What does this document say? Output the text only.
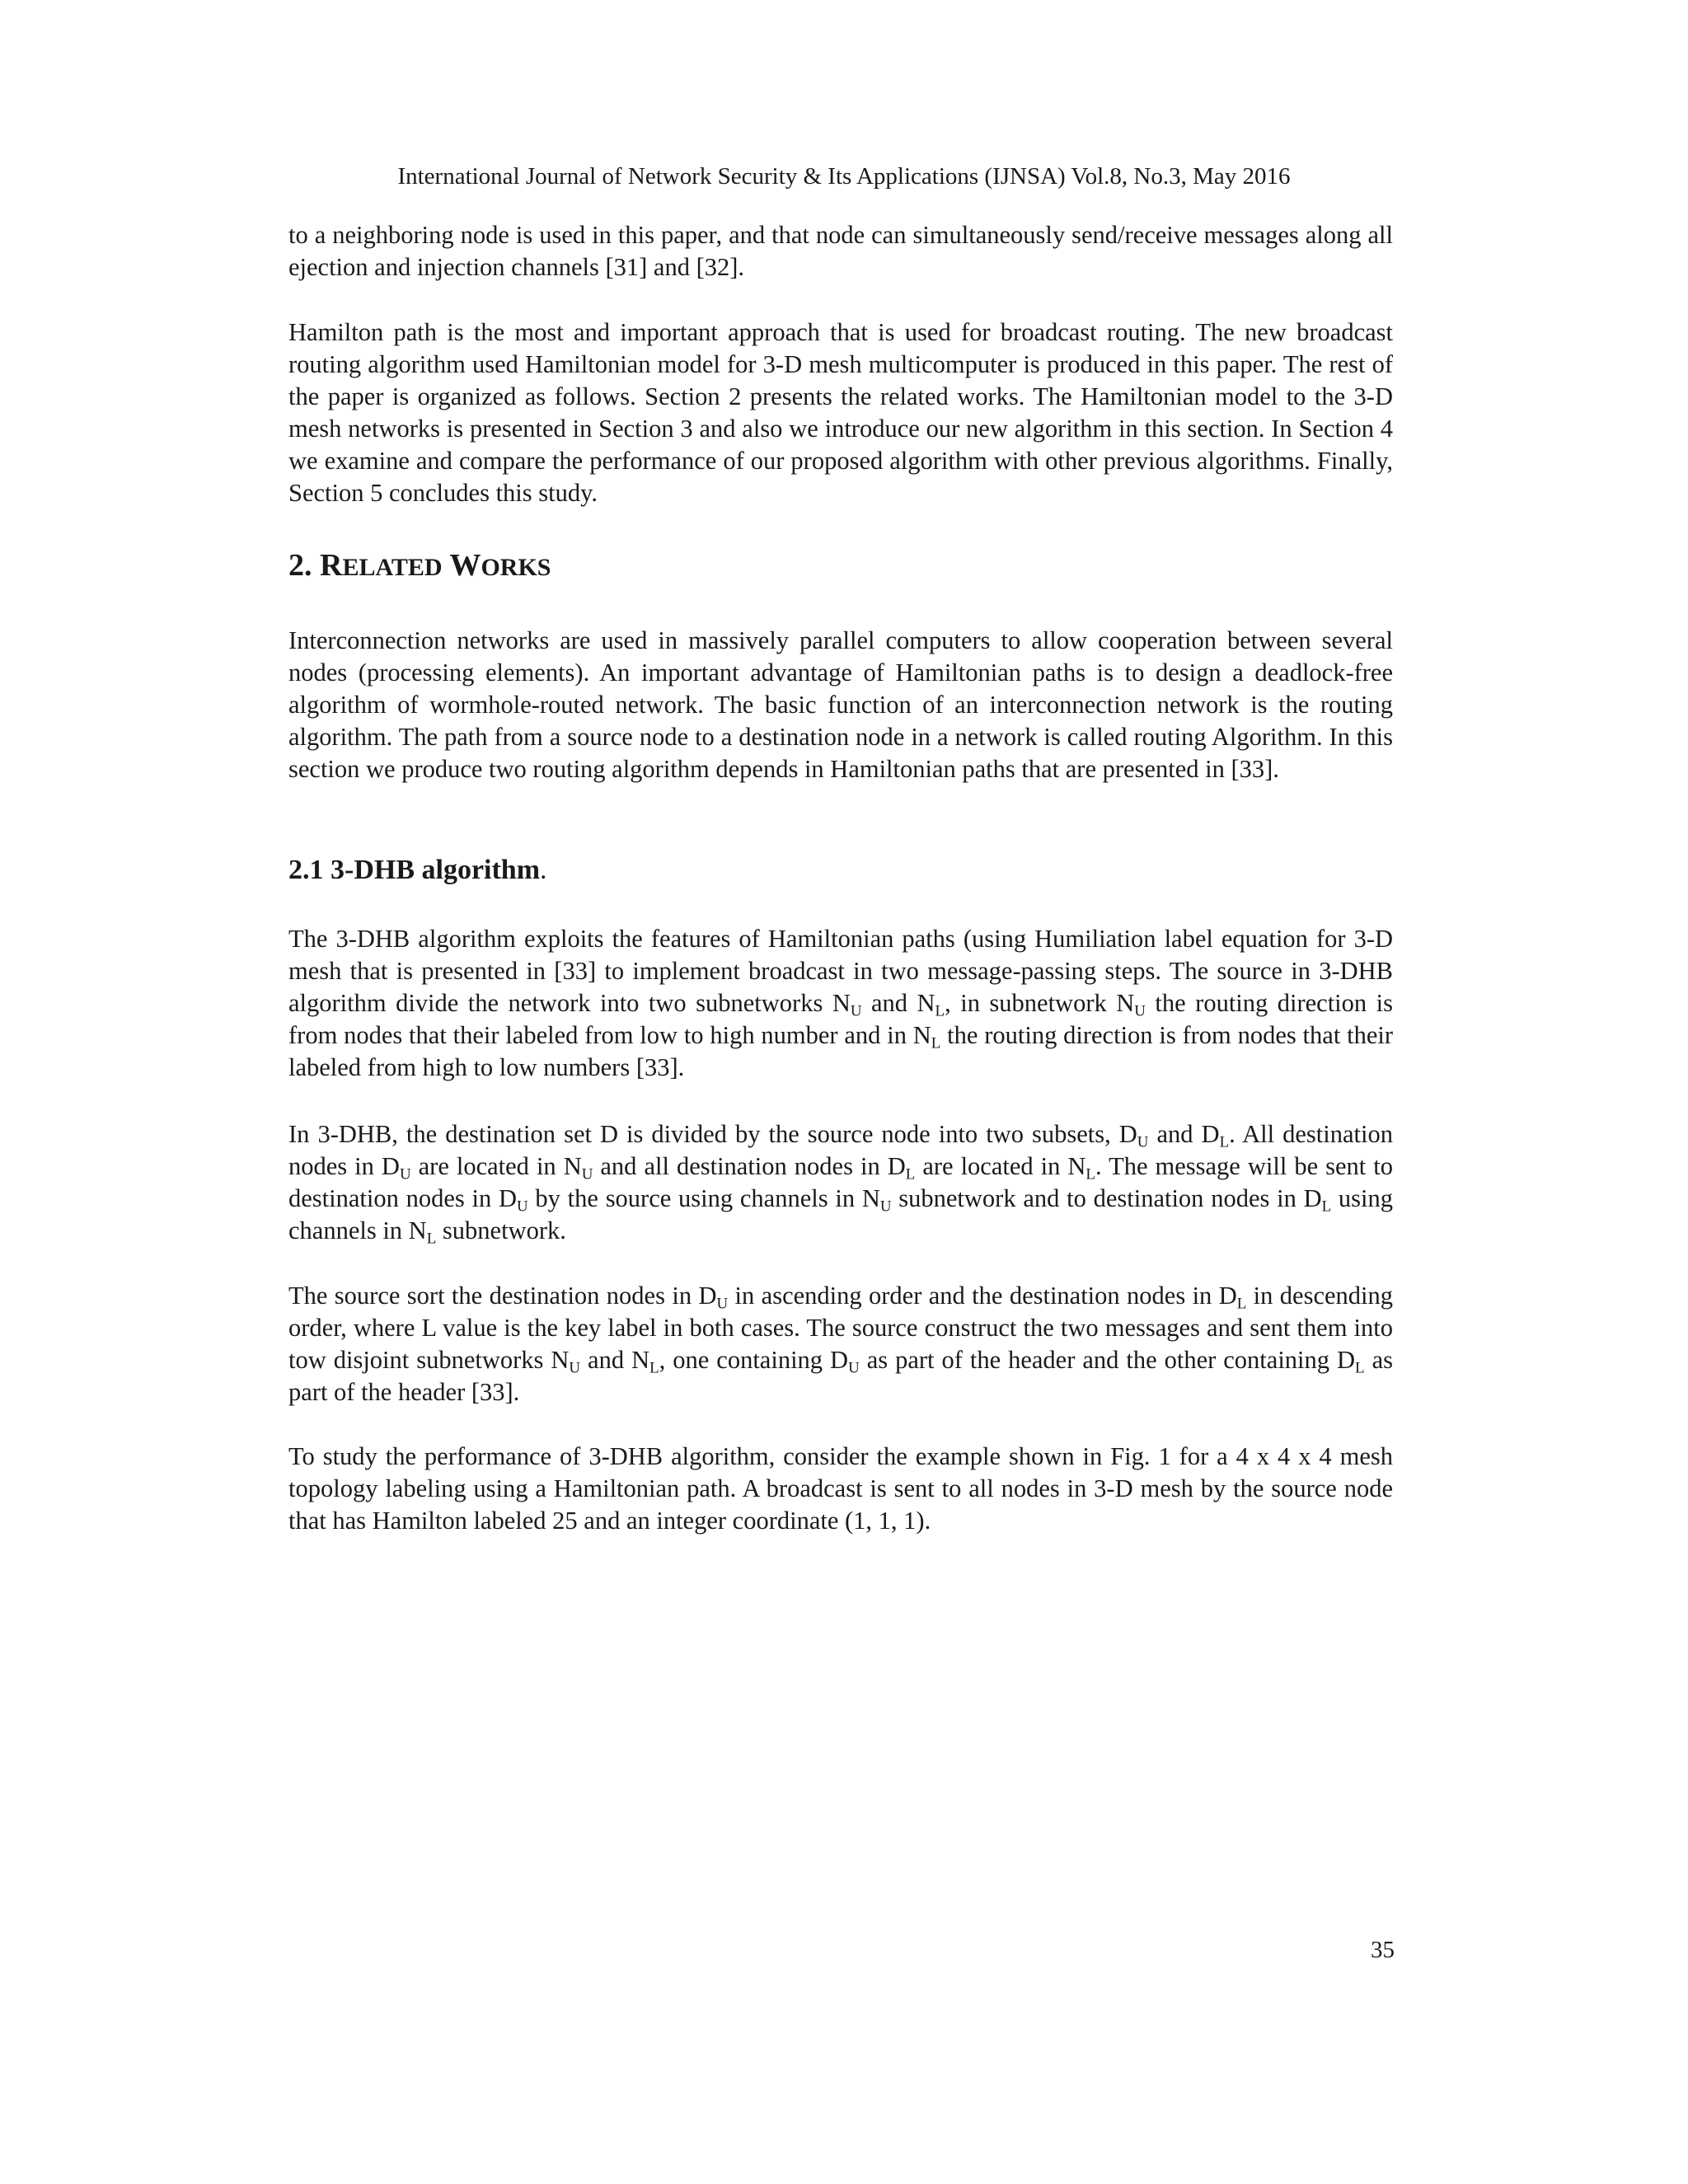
International Journal of Network Security & Its Applications (IJNSA) Vol.8, No.3, May 2016

to a neighboring node is used in this paper, and that node can simultaneously send/receive messages along all ejection and injection channels [31] and [32].

Hamilton path is the most and important approach that is used for broadcast routing. The new broadcast routing algorithm used Hamiltonian model for 3-D mesh multicomputer is produced in this paper. The rest of the paper is organized as follows. Section 2 presents the related works. The Hamiltonian model to the 3-D mesh networks is presented in Section 3 and also we introduce our new algorithm in this section. In Section 4 we examine and compare the performance of our proposed algorithm with other previous algorithms. Finally, Section 5 concludes this study.

2. RELATED WORKS

Interconnection networks are used in massively parallel computers to allow cooperation between several nodes (processing elements). An important advantage of Hamiltonian paths is to design a deadlock-free algorithm of wormhole-routed network. The basic function of an interconnection network is the routing algorithm. The path from a source node to a destination node in a network is called routing Algorithm. In this section we produce two routing algorithm depends in Hamiltonian paths that are presented in [33].

2.1 3-DHB algorithm.

The 3-DHB algorithm exploits the features of Hamiltonian paths (using Humiliation label equation for 3-D mesh that is presented in [33] to implement broadcast in two message-passing steps. The source in 3-DHB algorithm divide the network into two subnetworks $N_U$ and $N_L$, in subnetwork $N_U$ the routing direction is from nodes that their labeled from low to high number and in $N_L$ the routing direction is from nodes that their labeled from high to low numbers [33].

In 3-DHB, the destination set D is divided by the source node into two subsets, $D_U$ and $D_L$. All destination nodes in $D_U$ are located in $N_U$ and all destination nodes in $D_L$ are located in $N_L$. The message will be sent to destination nodes in $D_U$ by the source using channels in $N_U$ subnetwork and to destination nodes in $D_L$ using channels in $N_L$ subnetwork.

The source sort the destination nodes in $D_U$ in ascending order and the destination nodes in $D_L$ in descending order, where L value is the key label in both cases. The source construct the two messages and sent them into tow disjoint subnetworks $N_U$ and $N_L$, one containing $D_U$ as part of the header and the other containing $D_L$ as part of the header [33].

To study the performance of 3-DHB algorithm, consider the example shown in Fig. 1 for a 4 x 4 x 4 mesh topology labeling using a Hamiltonian path. A broadcast is sent to all nodes in 3-D mesh by the source node that has Hamilton labeled 25 and an integer coordinate (1, 1, 1).

35
